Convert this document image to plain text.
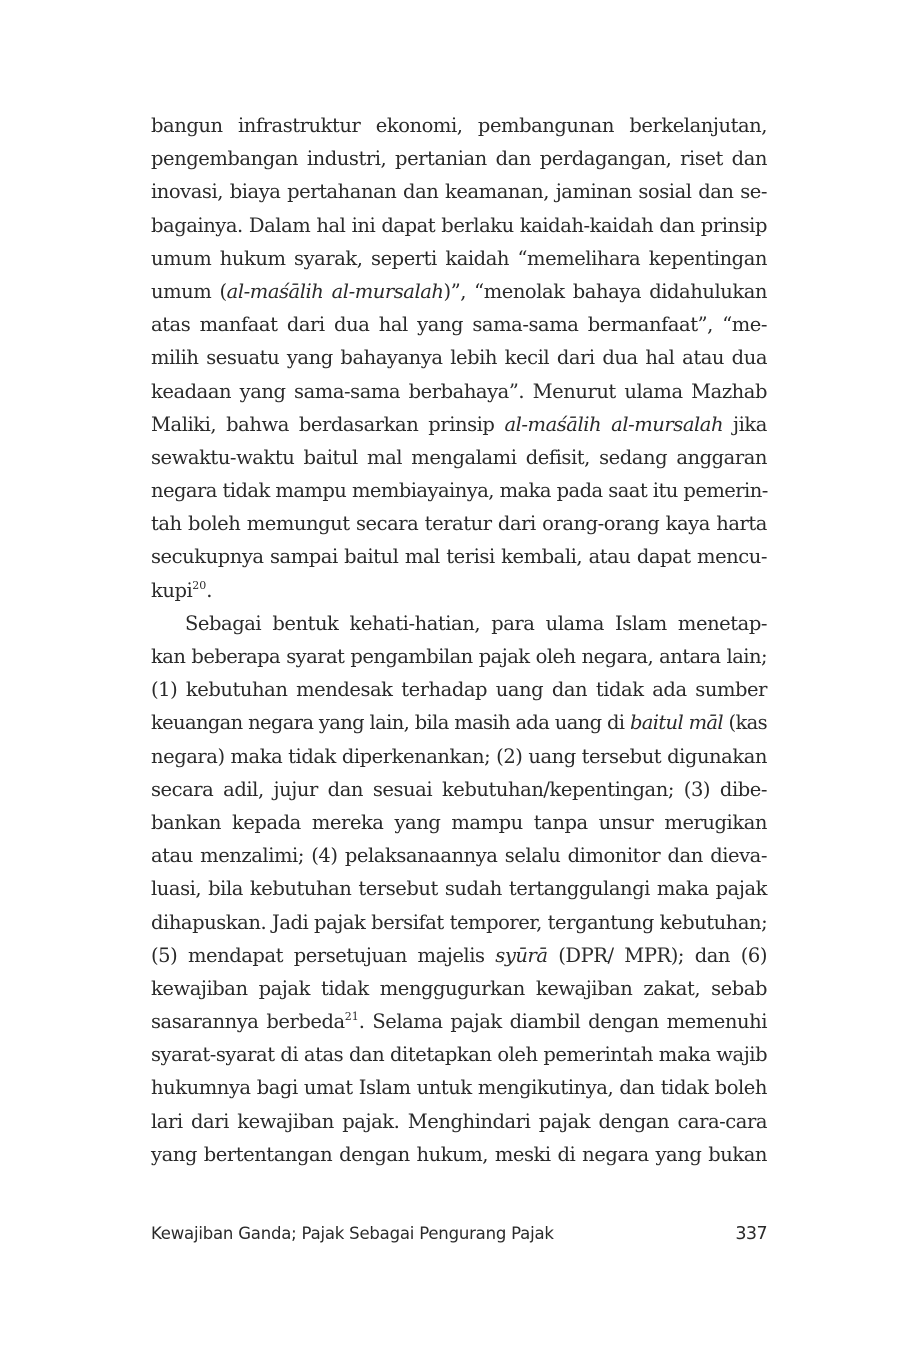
bangun infrastruktur ekonomi, pembangunan berkelanjutan,
pengembangan industri, pertanian dan perdagangan, riset dan
inovasi, biaya pertahanan dan keamanan, jaminan sosial dan se-
bagainya. Dalam hal ini dapat berlaku kaidah-kaidah dan prinsip
umum hukum syarak, seperti kaidah “memelihara kepentingan
umum (al-maśālih al-mursalah)”, “menolak bahaya didahulukan
atas manfaat dari dua hal yang sama-sama bermanfaat”, “me-
milih sesuatu yang bahayanya lebih kecil dari dua hal atau dua
keadaan yang sama-sama berbahaya”. Menurut ulama Mazhab
Maliki, bahwa berdasarkan prinsip al-maśālih al-mursalah jika
sewaktu-waktu baitul mal mengalami defisit, sedang anggaran
negara tidak mampu membiayainya, maka pada saat itu pemerin-
tah boleh memungut secara teratur dari orang-orang kaya harta
secukupnya sampai baitul mal terisi kembali, atau dapat mencu-
kupi$^{20}$.
Sebagai bentuk kehati-hatian, para ulama Islam menetap-
kan beberapa syarat pengambilan pajak oleh negara, antara lain;
(1) kebutuhan mendesak terhadap uang dan tidak ada sumber
keuangan negara yang lain, bila masih ada uang di baitul māl (kas
negara) maka tidak diperkenankan; (2) uang tersebut digunakan
secara adil, jujur dan sesuai kebutuhan/kepentingan; (3) dibe-
bankan kepada mereka yang mampu tanpa unsur merugikan
atau menzalimi; (4) pelaksanaannya selalu dimonitor dan dieva-
luasi, bila kebutuhan tersebut sudah tertanggulangi maka pajak
dihapuskan. Jadi pajak bersifat temporer, tergantung kebutuhan;
(5) mendapat persetujuan majelis syūrā (DPR/ MPR); dan (6)
kewajiban pajak tidak menggugurkan kewajiban zakat, sebab
sasarannya berbeda$^{21}$. Selama pajak diambil dengan memenuhi
syarat-syarat di atas dan ditetapkan oleh pemerintah maka wajib
hukumnya bagi umat Islam untuk mengikutinya, dan tidak boleh
lari dari kewajiban pajak. Menghindari pajak dengan cara-cara
yang bertentangan dengan hukum, meski di negara yang bukan
Kewajiban Ganda; Pajak Sebagai Pengurang Pajak	337
